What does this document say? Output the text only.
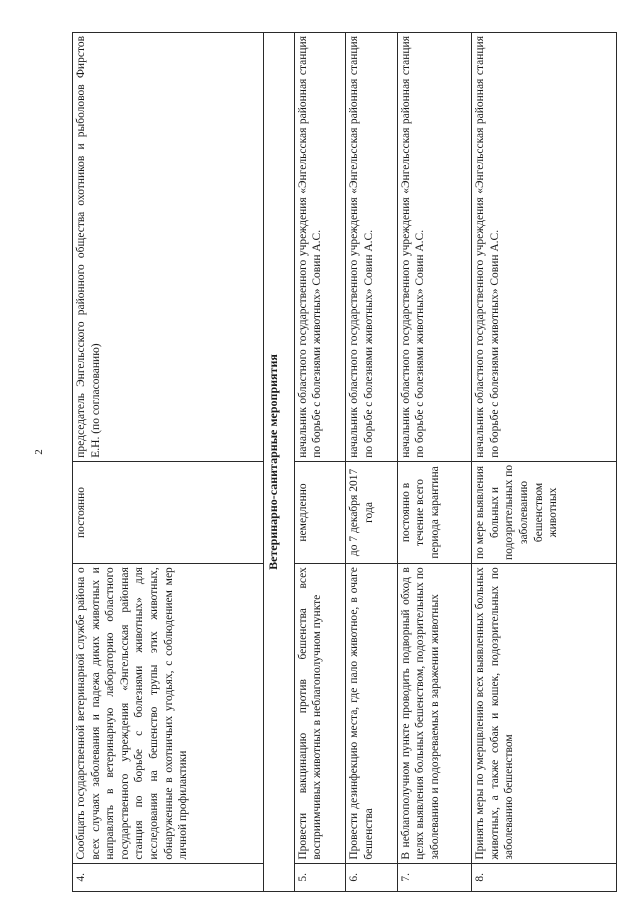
2
4.	Сообщать государственной ветеринарной службе района о всех случаях заболевания и падежа диких животных и направлять в ветеринарную лабораторию областного государственного учреждения «Энгельсская районная станция по борьбе с болезнями животных» для исследования на бешенство трупы этих животных, обнаруженные в охотничьих угодьях, с соблюдением мер личной профилактики	постоянно	председатель Энгельсского районного общества охотников и рыболовов Фирстов Е.Н. (по согласованию)
Ветеринарно-санитарные мероприятия			
5.	Провести вакцинацию против бешенства всех восприимчивых животных в неблагополучном пункте	немедленно	начальник областного государственного учреждения «Энгельсская районная станция по борьбе с болезнями животных» Совин А.С.
6.	Провести дезинфекцию места, где пало животное, в очаге бешенства	до 7 декабря 2017 года	начальник областного государственного учреждения «Энгельсская районная станция по борьбе с болезнями животных» Совин А.С.
7.	В неблагополучном пункте проводить подворный обход в целях выявления больных бешенством, подозрительных по заболеванию и подозреваемых в заражении животных	постоянно в течение всего периода карантина	начальник областного государственного учреждения «Энгельсская районная станция по борьбе с болезнями животных» Совин А.С.
8.	Принять меры по умерщвлению всех выявленных больных животных, а также собак и кошек, подозрительных по заболеванию бешенством	по мере выявления больных и подозрительных по заболеванию бешенством животных	начальник областного государственного учреждения «Энгельсская районная станция по борьбе с болезнями животных» Совин А.С.
